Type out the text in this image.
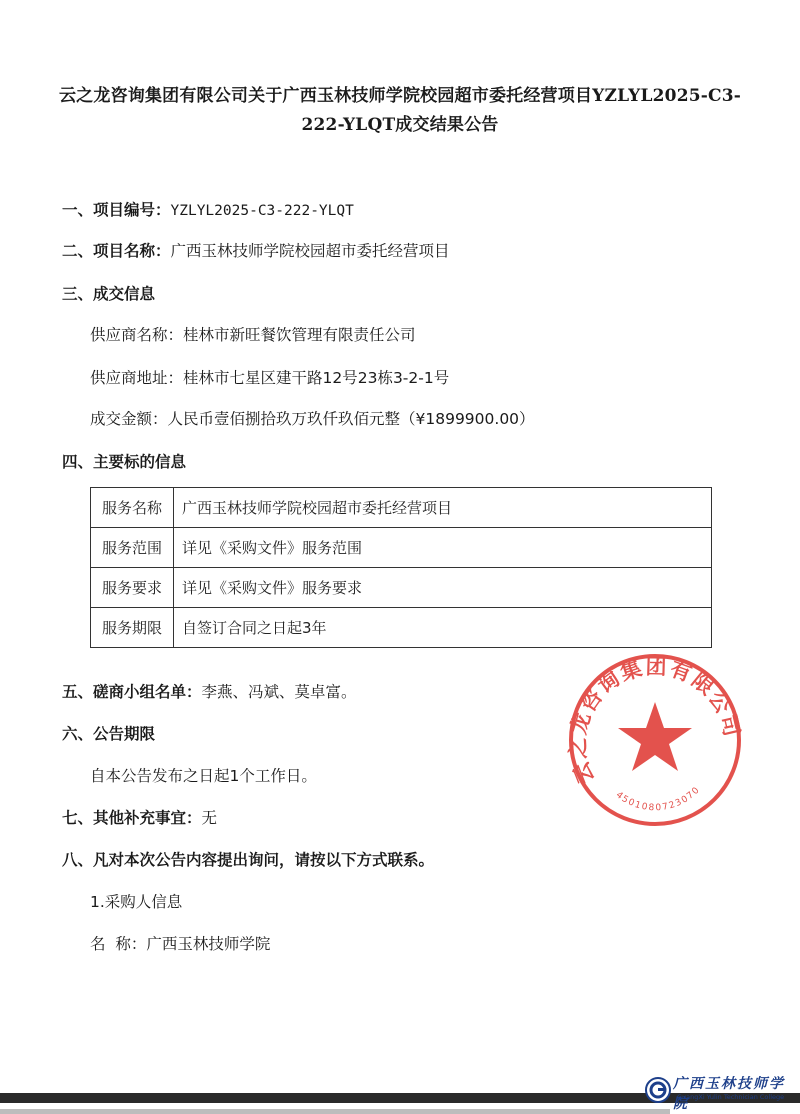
云之龙咨询集团有限公司关于广西玉林技师学院校园超市委托经营项目YZLYL2025-C3-
222-YLQT成交结果公告
一、项目编号：YZLYL2025-C3-222-YLQT
二、项目名称：广西玉林技师学院校园超市委托经营项目
三、成交信息
供应商名称：桂林市新旺餐饮管理有限责任公司
供应商地址：桂林市七星区建干路12号23栋3-2-1号
成交金额：人民币壹佰捌拾玖万玖仟玖佰元整（¥1899900.00）
四、主要标的信息
服务名称	广西玉林技师学院校园超市委托经营项目
服务范围	详见《采购文件》服务范围
服务要求	详见《采购文件》服务要求
服务期限	自签订合同之日起3年
五、磋商小组名单：李燕、冯斌、莫卓富。
六、公告期限
自本公告发布之日起1个工作日。
七、其他补充事宜：无
八、凡对本次公告内容提出询问，请按以下方式联系。
1.采购人信息
名  称：广西玉林技师学院
云之龙咨询集团有限公司
4501080723070
广西玉林技师学院
GuangXi Yulin Technician College
